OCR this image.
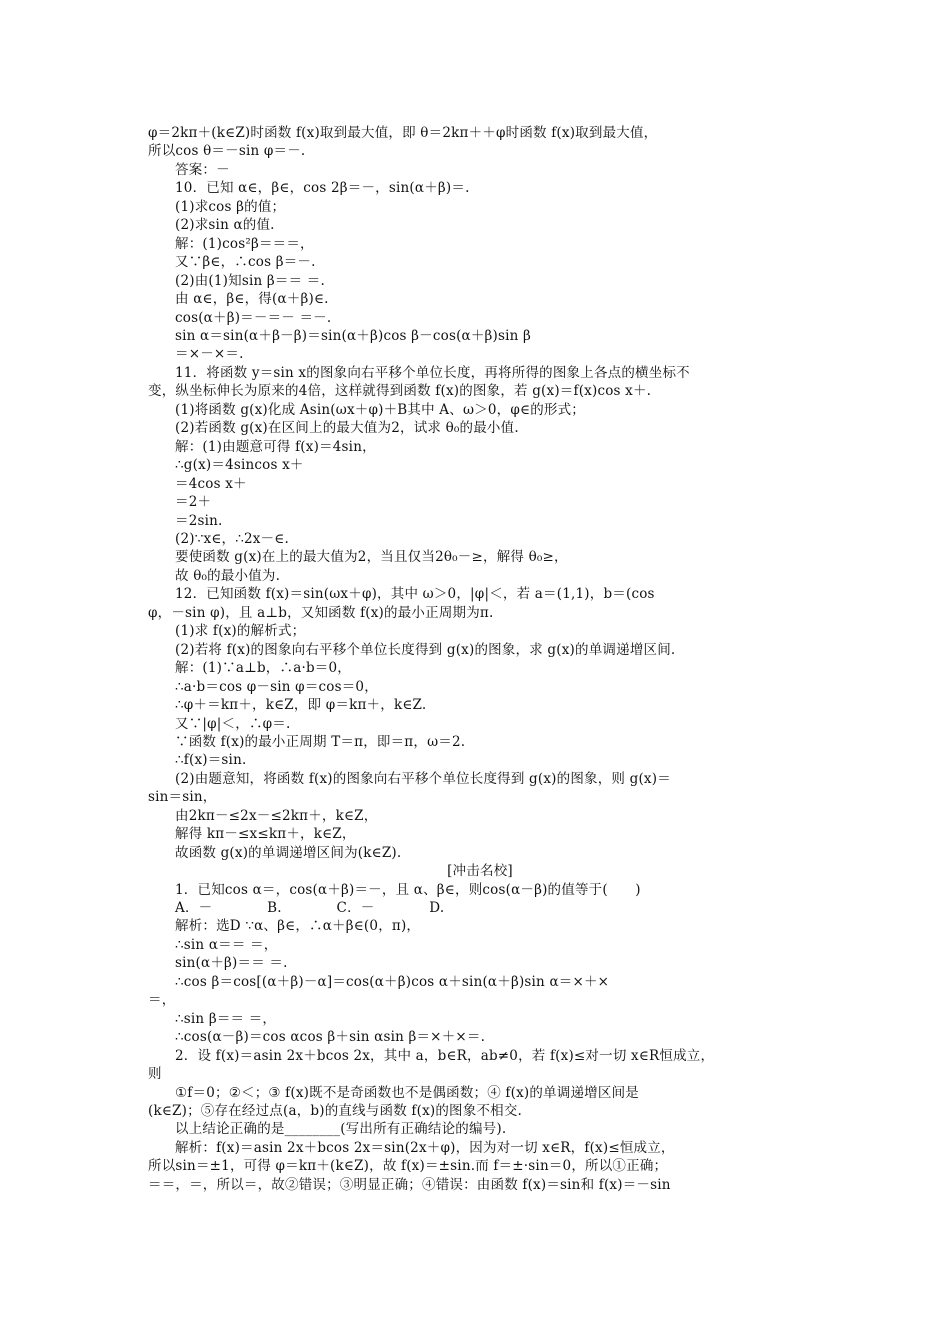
φ＝2kπ＋(k∈Z)时函数 f(x)取到最大值，即 θ＝2kπ＋＋φ时函数 f(x)取到最大值，
所以cos θ＝－sin φ＝－.
答案：－
10．已知 α∈，β∈，cos 2β＝－，sin(α＋β)＝.
(1)求cos β的值；
(2)求sin α的值.
解：(1)cos²β＝＝＝，
又∵β∈，∴cos β＝－.
(2)由(1)知sin β＝＝ ＝.
由 α∈，β∈，得(α＋β)∈.
cos(α＋β)＝－＝－ ＝－.
sin α＝sin(α＋β－β)＝sin(α＋β)cos β－cos(α＋β)sin β
＝×－×＝.
11．将函数 y＝sin x的图象向右平移个单位长度，再将所得的图象上各点的横坐标不
变，纵坐标伸长为原来的4倍，这样就得到函数 f(x)的图象，若 g(x)＝f(x)cos x＋.
(1)将函数 g(x)化成 Asin(ωx＋φ)＋B其中 A、ω＞0，φ∈的形式；
(2)若函数 g(x)在区间上的最大值为2，试求 θ₀的最小值.
解：(1)由题意可得 f(x)＝4sin，
∴g(x)＝4sincos x＋
＝4cos x＋
＝2＋
＝2sin.
(2)∵x∈，∴2x－∈.
要使函数 g(x)在上的最大值为2，当且仅当2θ₀－≥，解得 θ₀≥，
故 θ₀的最小值为.
12．已知函数 f(x)＝sin(ωx＋φ)，其中 ω＞0，|φ|＜，若 a＝(1,1)，b＝(cos
φ，－sin φ)，且 a⊥b，又知函数 f(x)的最小正周期为π.
(1)求 f(x)的解析式；
(2)若将 f(x)的图象向右平移个单位长度得到 g(x)的图象，求 g(x)的单调递增区间.
解：(1)∵a⊥b，∴a·b＝0，
∴a·b＝cos φ－sin φ＝cos＝0，
∴φ＋＝kπ＋，k∈Z，即 φ＝kπ＋，k∈Z.
又∵|φ|＜，∴φ＝.
∵函数 f(x)的最小正周期 T＝π，即＝π，ω＝2.
∴f(x)＝sin.
(2)由题意知，将函数 f(x)的图象向右平移个单位长度得到 g(x)的图象，则 g(x)＝
sin＝sin，
由2kπ－≤2x－≤2kπ＋，k∈Z，
解得 kπ－≤x≤kπ＋，k∈Z，
故函数 g(x)的单调递增区间为(k∈Z).
[冲击名校]
1．已知cos α＝，cos(α＋β)＝－，且 α、β∈，则cos(α－β)的值等于(　　)
A．－　　　　B.　　　　C．－　　　　D.
解析：选D ∵α、β∈，∴α＋β∈(0，π)，
∴sin α＝＝ ＝，
sin(α＋β)＝＝ ＝.
∴cos β＝cos[(α＋β)－α]＝cos(α＋β)cos α＋sin(α＋β)sin α＝×＋×
＝，
∴sin β＝＝ ＝，
∴cos(α－β)＝cos αcos β＋sin αsin β＝×＋×＝.
2．设 f(x)＝asin 2x＋bcos 2x，其中 a，b∈R，ab≠0，若 f(x)≤对一切 x∈R恒成立，
则
①f＝0；②＜；③ f(x)既不是奇函数也不是偶函数；④ f(x)的单调递增区间是
(k∈Z)；⑤存在经过点(a，b)的直线与函数 f(x)的图象不相交.
以上结论正确的是________(写出所有正确结论的编号).
解析：f(x)＝asin 2x＋bcos 2x＝sin(2x＋φ)，因为对一切 x∈R，f(x)≤恒成立，
所以sin＝±1，可得 φ＝kπ＋(k∈Z)，故 f(x)＝±sin.而 f＝±·sin＝0，所以①正确；
＝＝，＝，所以＝，故②错误；③明显正确；④错误：由函数 f(x)＝sin和 f(x)＝－sin
